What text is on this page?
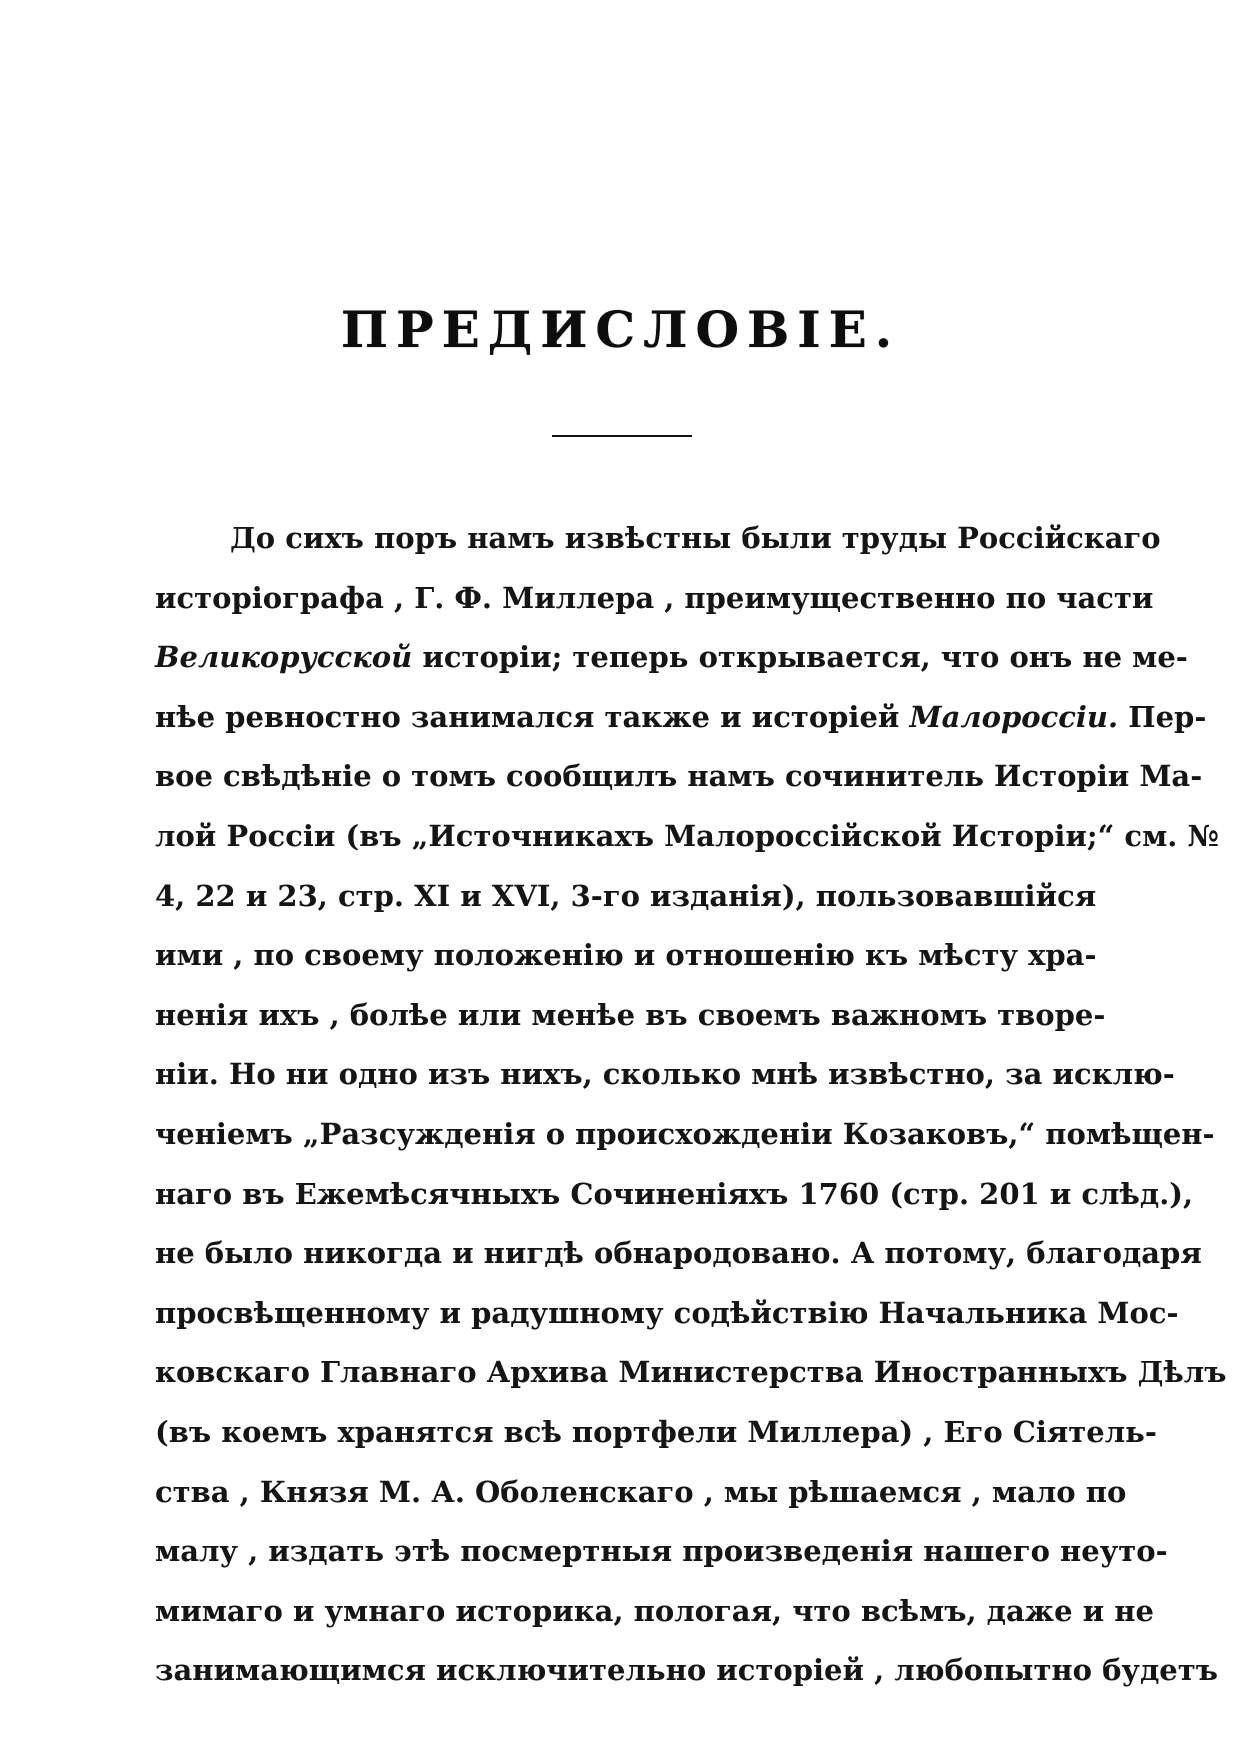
ПРЕДИСЛОВІЕ.
До сихъ поръ намъ извѣстны были труды Россійскаго
исторіографа , Г. Ф. Миллера , преимущественно по части
Великорусской исторіи; теперь открывается, что онъ не ме-
нѣе ревностно занимался также и исторіей Малороссіи. Пер-
вое свѣдѣніе о томъ сообщилъ намъ сочинитель Исторіи Ма-
лой Россіи (въ „Источникахъ Малороссійской Исторіи;“ см. №
4, 22 и 23, стр. XI и XVI, 3-го изданія), пользовавшійся
ими , по своему положенію и отношенію къ мѣсту хра-
ненія ихъ , болѣе или менѣе въ своемъ важномъ творе-
ніи. Но ни одно изъ нихъ, сколько мнѣ извѣстно, за исклю-
ченіемъ „Разсужденія о происхожденіи Козаковъ,“ помѣщен-
наго въ Ежемѣсячныхъ Сочиненіяхъ 1760 (стр. 201 и слѣд.),
не было никогда и нигдѣ обнародовано. А потому, благодаря
просвѣщенному и радушному содѣйствію Начальника Мос-
ковскаго Главнаго Архива Министерства Иностранныхъ Дѣлъ
(въ коемъ хранятся всѣ портфели Миллера) , Его Сіятель-
ства , Князя М. А. Оболенскаго , мы рѣшаемся , мало по
малу , издать этѣ посмертныя произведенія нашего неуто-
мимаго и умнаго историка, пологая, что всѣмъ, даже и не
занимающимся исключительно исторіей , любопытно будетъ
